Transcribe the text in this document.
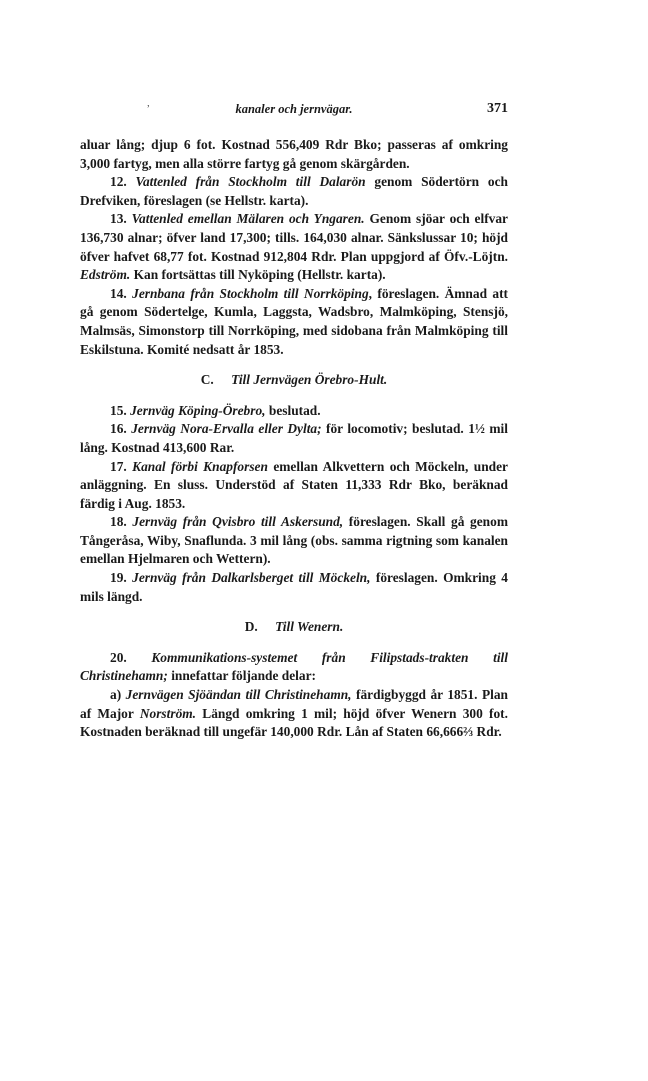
,	kanaler och jernvägar.	371

aluar lång; djup 6 fot. Kostnad 556,409 Rdr Bko; passeras af omkring 3,000 fartyg, men alla större fartyg gå genom skärgården.

12. Vattenled från Stockholm till Dalarön genom Södertörn och Drefviken, föreslagen (se Hellstr. karta).

13. Vattenled emellan Mälaren och Yngaren. Genom sjöar och elfvar 136,730 alnar; öfver land 17,300; tills. 164,030 alnar. Sänkslussar 10; höjd öfver hafvet 68,77 fot. Kostnad 912,804 Rdr. Plan uppgjord af Öfv.-Löjtn. Edström. Kan fortsättas till Nyköping (Hellstr. karta).

14. Jernbana från Stockholm till Norrköping, föreslagen. Ämnad att gå genom Södertelge, Kumla, Laggsta, Wadsbro, Malmköping, Stensjö, Malmsäs, Simonstorp till Norrköping, med sidobana från Malmköping till Eskilstuna. Komité nedsatt år 1853.

C. Till Jernvägen Örebro-Hult.

15. Jernväg Köping-Örebro, beslutad.

16. Jernväg Nora-Ervalla eller Dylta; för locomotiv; beslutad. 1½ mil lång. Kostnad 413,600 Rar.

17. Kanal förbi Knapforsen emellan Alkvettern och Möckeln, under anläggning. En sluss. Understöd af Staten 11,333 Rdr Bko, beräknad färdig i Aug. 1853.

18. Jernväg från Qvisbro till Askersund, föreslagen. Skall gå genom Tångeråsa, Wiby, Snaflunda. 3 mil lång (obs. samma rigtning som kanalen emellan Hjelmaren och Wettern).

19. Jernväg från Dalkarlsberget till Möckeln, föreslagen. Omkring 4 mils längd.

D. Till Wenern.

20. Kommunikations-systemet från Filipstads-trakten till Christinehamn; innefattar följande delar:

a) Jernvägen Sjöändan till Christinehamn, färdigbyggd år 1851. Plan af Major Norström. Längd omkring 1 mil; höjd öfver Wenern 300 fot. Kostnaden beräknad till ungefär 140,000 Rdr. Lån af Staten 66,666⅔ Rdr.
